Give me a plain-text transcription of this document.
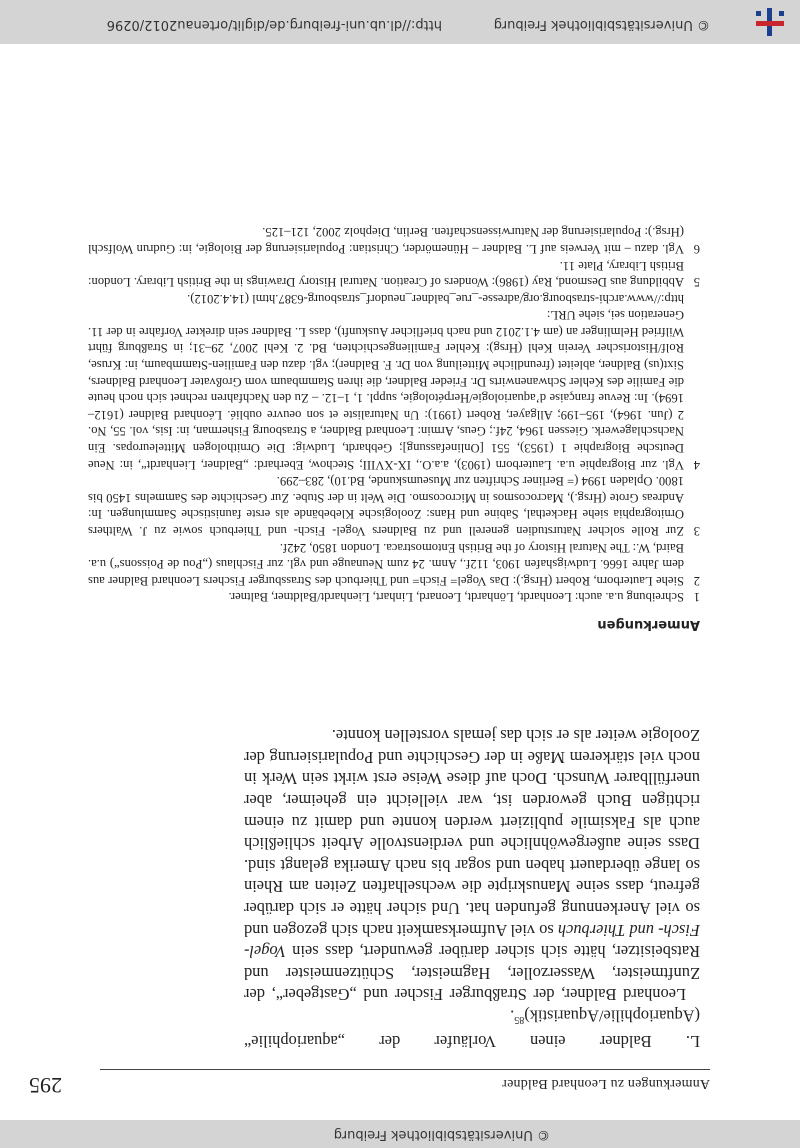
© Universitätsbibliothek Freiburg
Anmerkungen zu Leonhard Baldner
295

L. Baldner einen Vorläufer der „aquariophilie“ (Aquariophilie/Aquaristik)$^{85}$.

Leonhard Baldner, der Straßburger Fischer und „Gastgeber“, der Zunftmeister, Wasserzoller, Hagmeister, Schützenmeister und Ratsbeisitzer, hätte sich sicher darüber gewundert, dass sein Vogel- Fisch- und Thierbuch so viel Aufmerksamkeit nach sich gezogen und so viel Anerkennung gefunden hat. Und sicher hätte er sich darüber gefreut, dass seine Manuskripte die wechselhaften Zeiten am Rhein so lange überdauert haben und sogar bis nach Amerika gelangt sind. Dass seine außergewöhnliche und verdienstvolle Arbeit schließlich auch als Faksimile publiziert werden konnte und damit zu einem richtigen Buch geworden ist, war vielleicht ein geheimer, aber unerfüllbarer Wunsch. Doch auf diese Weise erst wirkt sein Werk in noch viel stärkerem Maße in der Geschichte und Popularisierung der Zoologie weiter als er sich das jemals vorstellen konnte.

Anmerkungen

1
Schreibung u.a. auch: Leonhardt, Lönhardt, Leonard, Linhart, Lienhardt/Baldtner, Baltner.

2
Siehe Lauterborn, Robert (Hrsg.): Das Vogel= Fisch= und Thierbuch des Strassburger Fischers Leonhard Baldner aus dem Jahre 1666. Ludwigshafen 1903, 112f., Anm. 24 zum Neunauge und vgl. zur Fischlaus („Pou de Poissons“) u.a. Baird, W.: The Natural History of the British Entomostraca. London 1850, 242f.

3
Zur Rolle solcher Naturstudien generell und zu Baldners Vogel- Fisch- und Thierbuch sowie zu J. Walthers Ornitographia siehe Hackethal, Sabine und Hans: Zoologische Klebebände als erste faunistische Sammlungen. In: Andreas Grote (Hrsg.), Macrocosmos in Microcosmo. Die Welt in der Stube. Zur Geschichte des Sammelns 1450 bis 1800. Opladen 1994 (= Berliner Schriften zur Museumskunde, Bd.10), 283–299.

4
Vgl. zur Biographie u.a. Lauterborn (1903), a.a.O., IX-XVIII; Stechow, Eberhard: „Baldner, Lienhardt“, in: Neue Deutsche Biographie 1 (1953), 551 [Onlinefassung]; Gebhardt, Ludwig: Die Ornithologen Mitteleuropas. Ein Nachschlagewerk. Giessen 1964, 24f.; Geus, Armin: Leonhard Baldner, a Strasbourg Fisherman, in: Isis, vol. 55, No. 2 (Jun. 1964), 195–199; Allgayer, Robert (1991): Un Naturaliste et son oeuvre oublié. Léonhard Baldner (1612–1694). In: Revue française d’aquariologie/Herpétologie, suppl. 1, 1–12. – Zu den Nachfahren rechnet sich noch heute die Familie des Kehler Schwanenwirts Dr. Frieder Baldner, die ihren Stammbaum vom Großvater Leonhard Baldners, Sixt(us) Baldner, ableitet (freundliche Mitteilung von Dr. F. Baldner); vgl. dazu den Familien-Stammbaum, in: Kruse, Rolf/Historischer Verein Kehl (Hrsg): Kehler Familiengeschichten, Bd. 2. Kehl 2007, 29–31; in Straßburg führt Wilfried Helmlinger an (am 4.1.2012 und nach brieflicher Auskunft), dass L. Baldner sein direkter Vorfahre in der 11. Generation sei, siehe URL:

http://www.archi-strasbourg.org/adresse-_rue_baldner_neudorf_strasbourg-6387.html (14.4.2012).

5
Abbildung aus Desmond, Ray (1986): Wonders of Creation. Natural History Drawings in the British Library. London: British Library, Plate 11.

6
Vgl. dazu – mit Verweis auf L. Baldner – Hünemörder, Christian: Popularisierung der Biologie, in: Gudrun Wolfschl (Hrsg.): Popularisierung der Naturwissenschaften. Berlin, Diepholz 2002, 121–125.

© Universitätsbibliothek Freiburg
http://dl.ub.uni-freiburg.de/diglit/ortenau2012/0296
